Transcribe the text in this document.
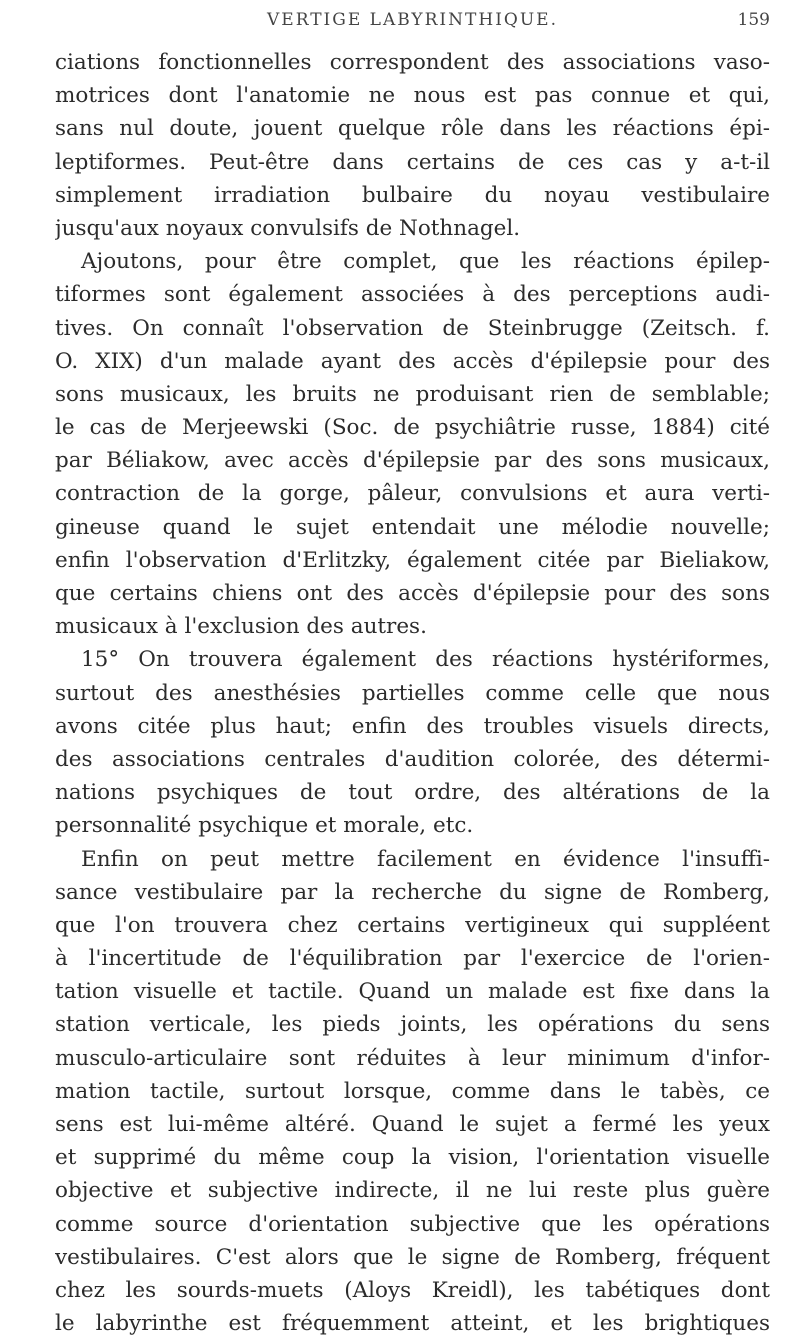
VERTIGE LABYRINTHIQUE.	159
ciations fonctionnelles correspondent des associations vaso-
motrices dont l'anatomie ne nous est pas connue et qui,
sans nul doute, jouent quelque rôle dans les réactions épi-
leptiformes. Peut-être dans certains de ces cas y a-t-il
simplement irradiation bulbaire du noyau vestibulaire
jusqu'aux noyaux convulsifs de Nothnagel.
Ajoutons, pour être complet, que les réactions épilep-
tiformes sont également associées à des perceptions audi-
tives. On connaît l'observation de Steinbrugge (Zeitsch. f.
O. XIX) d'un malade ayant des accès d'épilepsie pour des
sons musicaux, les bruits ne produisant rien de semblable;
le cas de Merjeewski (Soc. de psychiâtrie russe, 1884) cité
par Béliakow, avec accès d'épilepsie par des sons musicaux,
contraction de la gorge, pâleur, convulsions et aura verti-
gineuse quand le sujet entendait une mélodie nouvelle;
enfin l'observation d'Erlitzky, également citée par Bieliakow,
que certains chiens ont des accès d'épilepsie pour des sons
musicaux à l'exclusion des autres.
15° On trouvera également des réactions hystériformes,
surtout des anesthésies partielles comme celle que nous
avons citée plus haut; enfin des troubles visuels directs,
des associations centrales d'audition colorée, des détermi-
nations psychiques de tout ordre, des altérations de la
personnalité psychique et morale, etc.
Enfin on peut mettre facilement en évidence l'insuffi-
sance vestibulaire par la recherche du signe de Romberg,
que l'on trouvera chez certains vertigineux qui suppléent
à l'incertitude de l'équilibration par l'exercice de l'orien-
tation visuelle et tactile. Quand un malade est fixe dans la
station verticale, les pieds joints, les opérations du sens
musculo-articulaire sont réduites à leur minimum d'infor-
mation tactile, surtout lorsque, comme dans le tabès, ce
sens est lui-même altéré. Quand le sujet a fermé les yeux
et supprimé du même coup la vision, l'orientation visuelle
objective et subjective indirecte, il ne lui reste plus guère
comme source d'orientation subjective que les opérations
vestibulaires. C'est alors que le signe de Romberg, fréquent
chez les sourds-muets (Aloys Kreidl), les tabétiques dont
le labyrinthe est fréquemment atteint, et les brightiques
